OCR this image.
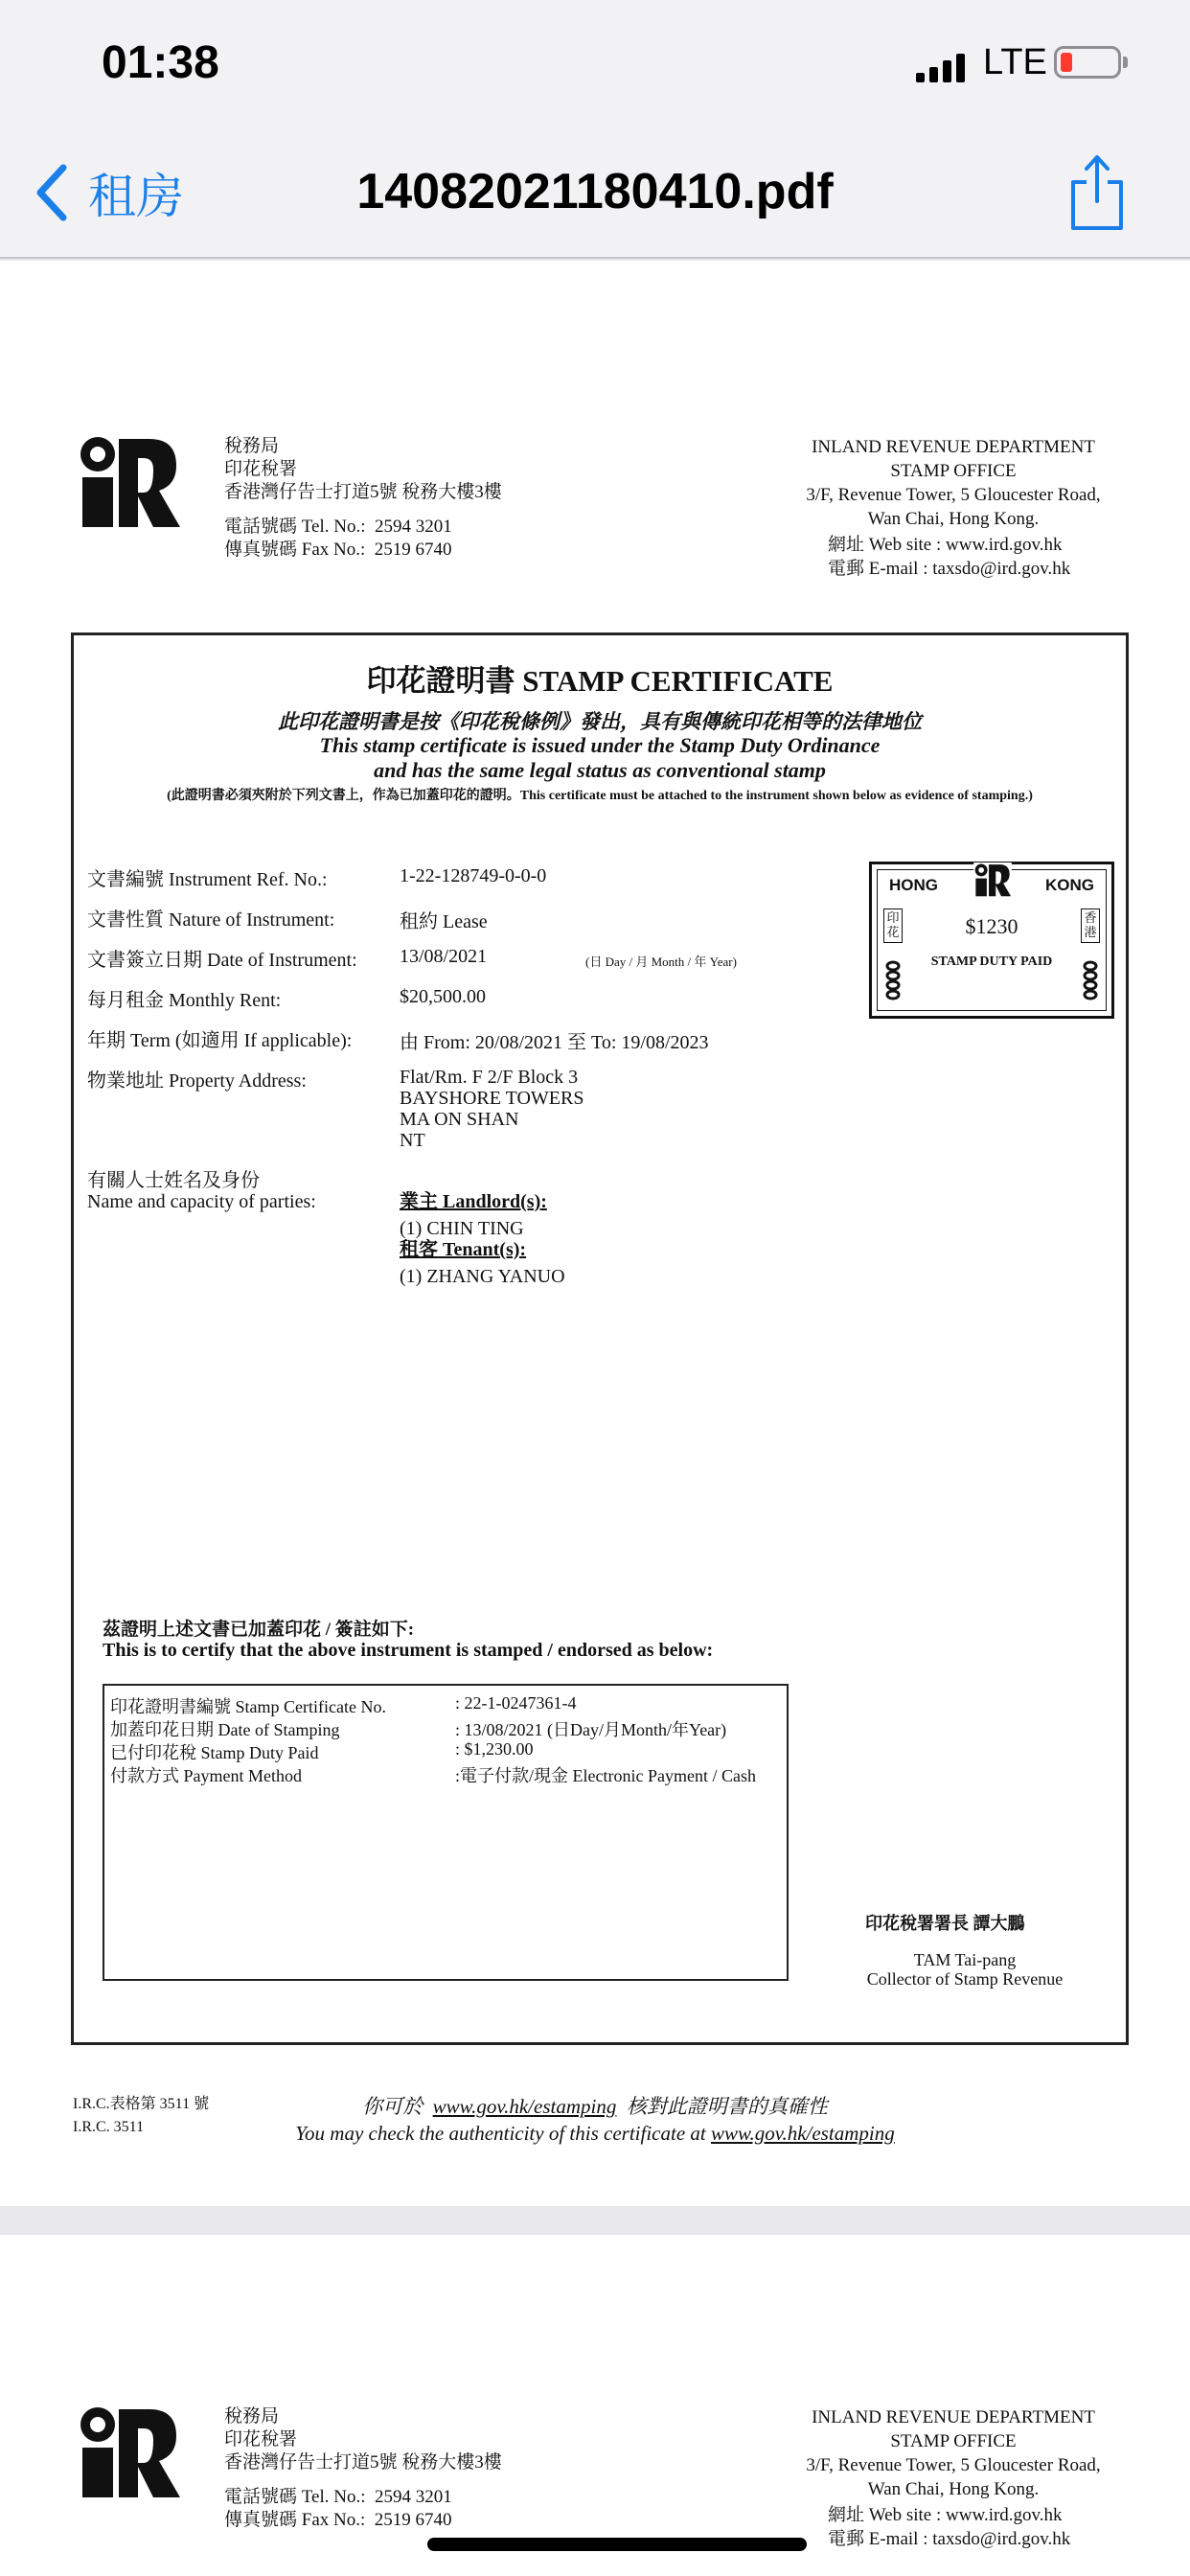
01:38	LTE
租房	14082021180410.pdf
稅務局
印花稅署
香港灣仔告士打道5號 稅務大樓3樓
電話號碼 Tel. No.: 2594 3201
傳真號碼 Fax No.: 2519 6740
INLAND REVENUE DEPARTMENT
STAMP OFFICE
3/F, Revenue Tower, 5 Gloucester Road,
Wan Chai, Hong Kong.
網址 Web site : www.ird.gov.hk
電郵 E-mail : taxsdo@ird.gov.hk
印花證明書 STAMP CERTIFICATE
此印花證明書是按《印花稅條例》發出，具有與傳統印花相等的法律地位
This stamp certificate is issued under the Stamp Duty Ordinance
and has the same legal status as conventional stamp
(此證明書必須夾附於下列文書上，作為已加蓋印花的證明。This certificate must be attached to the instrument shown below as evidence of stamping.)
文書編號 Instrument Ref. No.:	1-22-128749-0-0-0
文書性質 Nature of Instrument:	租約 Lease
文書簽立日期 Date of Instrument: 13/08/2021	(日 Day / 月 Month / 年 Year)
每月租金 Monthly Rent:	$20,500.00
年期 Term (如適用 If applicable): 由 From: 20/08/2021 至 To: 19/08/2023
物業地址 Property Address:	Flat/Rm. F 2/F Block 3
BAYSHORE TOWERS
MA ON SHAN
NT
有關人士姓名及身份
Name and capacity of parties:	業主 Landlord(s):
(1) CHIN TING
租客 Tenant(s):
(1) ZHANG YANUO
HONG	KONG
$1230
STAMP DUTY PAID
印花
香港
茲證明上述文書已加蓋印花 / 簽註如下:
This is to certify that the above instrument is stamped / endorsed as below:
印花證明書編號 Stamp Certificate No.	: 22-1-0247361-4
加蓋印花日期 Date of Stamping	: 13/08/2021 (日Day/月Month/年Year)
已付印花稅 Stamp Duty Paid	: $1,230.00
付款方式 Payment Method	:電子付款/現金 Electronic Payment / Cash
印花稅署署長 譚大鵬
TAM Tai-pang
Collector of Stamp Revenue
I.R.C.表格第 3511 號
I.R.C. 3511
你可於 www.gov.hk/estamping 核對此證明書的真確性
You may check the authenticity of this certificate at www.gov.hk/estamping
稅務局
印花稅署
香港灣仔告士打道5號 稅務大樓3樓
電話號碼 Tel. No.: 2594 3201
傳真號碼 Fax No.: 2519 6740
INLAND REVENUE DEPARTMENT
STAMP OFFICE
3/F, Revenue Tower, 5 Gloucester Road,
Wan Chai, Hong Kong.
網址 Web site : www.ird.gov.hk
電郵 E-mail : taxsdo@ird.gov.hk
